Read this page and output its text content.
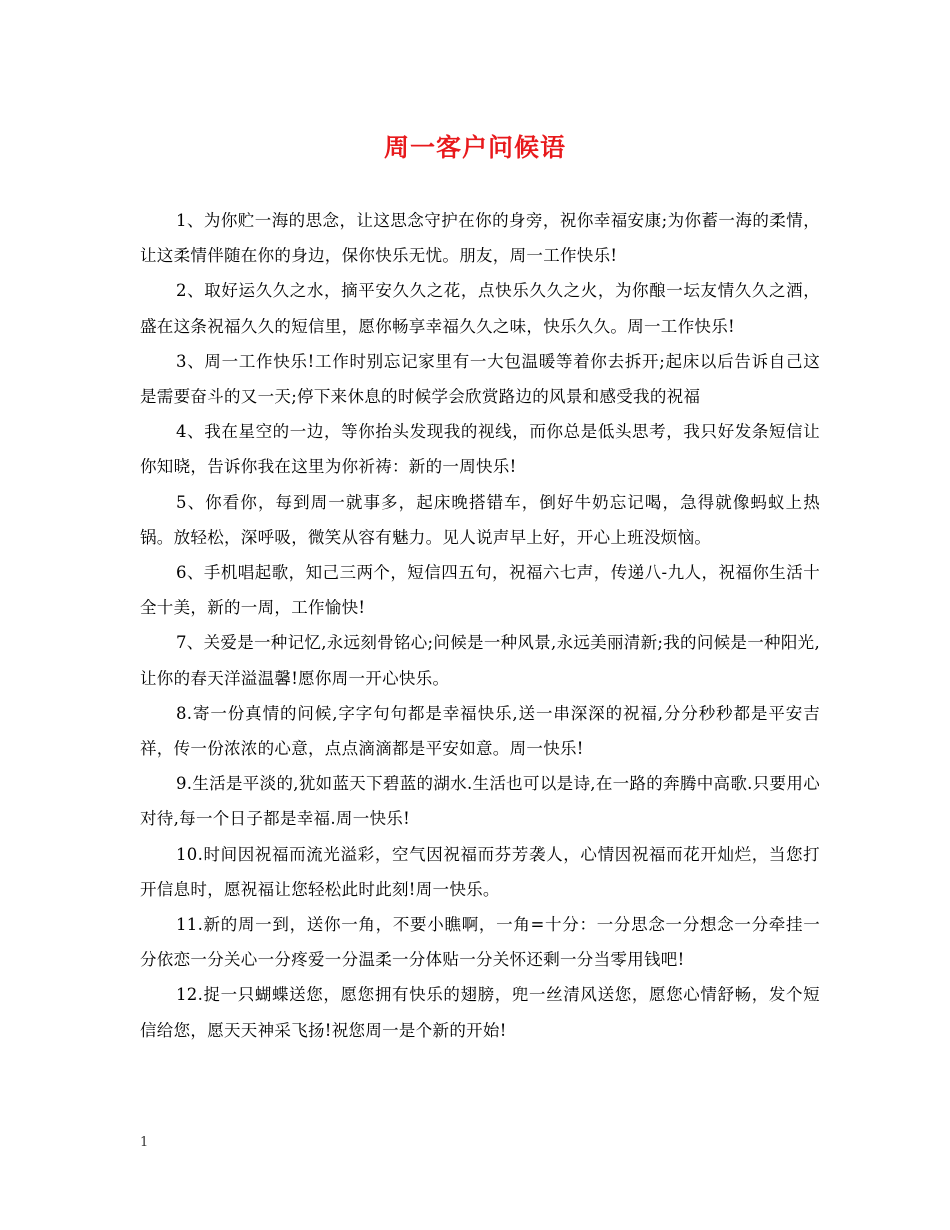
周一客户问候语

1、为你贮一海的思念，让这思念守护在你的身旁，祝你幸福安康;为你蓄一海的柔情，让这柔情伴随在你的身边，保你快乐无忧。朋友，周一工作快乐!

2、取好运久久之水，摘平安久久之花，点快乐久久之火，为你酿一坛友情久久之酒，盛在这条祝福久久的短信里，愿你畅享幸福久久之味，快乐久久。周一工作快乐!

3、周一工作快乐!工作时别忘记家里有一大包温暖等着你去拆开;起床以后告诉自己这是需要奋斗的又一天;停下来休息的时候学会欣赏路边的风景和感受我的祝福

4、我在星空的一边，等你抬头发现我的视线，而你总是低头思考，我只好发条短信让你知晓，告诉你我在这里为你祈祷：新的一周快乐!

5、你看你，每到周一就事多，起床晚搭错车，倒好牛奶忘记喝，急得就像蚂蚁上热锅。放轻松，深呼吸，微笑从容有魅力。见人说声早上好，开心上班没烦恼。

6、手机唱起歌，知己三两个，短信四五句，祝福六七声，传递八-九人，祝福你生活十全十美，新的一周，工作愉快!

7、关爱是一种记忆,永远刻骨铭心;问候是一种风景,永远美丽清新;我的问候是一种阳光,让你的春天洋溢温馨!愿你周一开心快乐。

8.寄一份真情的问候,字字句句都是幸福快乐,送一串深深的祝福,分分秒秒都是平安吉祥，传一份浓浓的心意，点点滴滴都是平安如意。周一快乐!

9.生活是平淡的,犹如蓝天下碧蓝的湖水.生活也可以是诗,在一路的奔腾中高歌.只要用心对待,每一个日子都是幸福.周一快乐!

10.时间因祝福而流光溢彩，空气因祝福而芬芳袭人，心情因祝福而花开灿烂，当您打开信息时，愿祝福让您轻松此时此刻!周一快乐。

11.新的周一到，送你一角，不要小瞧啊，一角=十分：一分思念一分想念一分牵挂一分依恋一分关心一分疼爱一分温柔一分体贴一分关怀还剩一分当零用钱吧!

12.捉一只蝴蝶送您，愿您拥有快乐的翅膀，兜一丝清风送您，愿您心情舒畅，发个短信给您，愿天天神采飞扬!祝您周一是个新的开始!

1
